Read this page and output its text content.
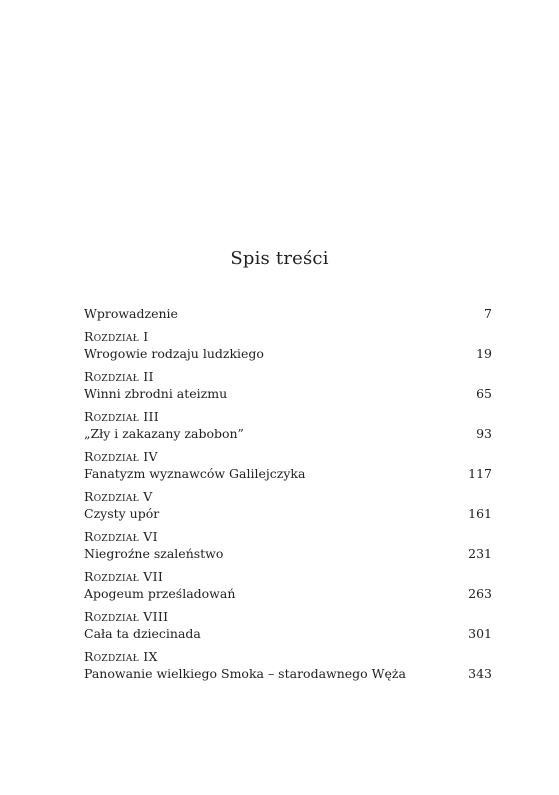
Spis treści
Wprowadzenie	7
Rozdział I
Wrogowie rodzaju ludzkiego	19
Rozdział II
Winni zbrodni ateizmu	65
Rozdział III
„Zły i zakazany zabobon”	93
Rozdział IV
Fanatyzm wyznawców Galilejczyka	117
Rozdział V
Czysty upór	161
Rozdział VI
Niegroźne szaleństwo	231
Rozdział VII
Apogeum prześladowań	263
Rozdział VIII
Cała ta dziecinada	301
Rozdział IX
Panowanie wielkiego Smoka – starodawnego Węża	343
